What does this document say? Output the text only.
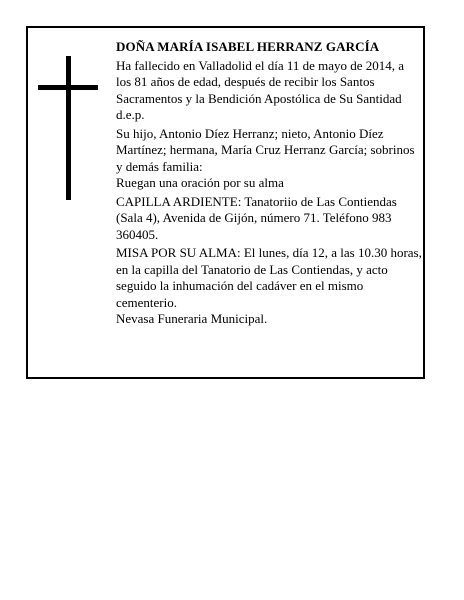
DOÑA MARÍA ISABEL HERRANZ GARCÍA

Ha fallecido en Valladolid el día 11 de mayo de 2014, a los 81 años de edad, después de recibir los Santos Sacramentos y la Bendición Apostólica de Su Santidad

d.e.p.

Su hijo, Antonio Díez Herranz; nieto, Antonio Díez Martínez; hermana, María Cruz Herranz García; sobrinos y demás familia:

Ruegan una oración por su alma

CAPILLA ARDIENTE: Tanatoriio de Las Contiendas (Sala 4), Avenida de Gijón, número 71. Teléfono 983 360405.

MISA POR SU ALMA: El lunes, día 12, a las 10.30 horas, en la capilla del Tanatorio de Las Contiendas, y acto seguido la inhumación del cadáver en el mismo cementerio.

Nevasa Funeraria Municipal.
